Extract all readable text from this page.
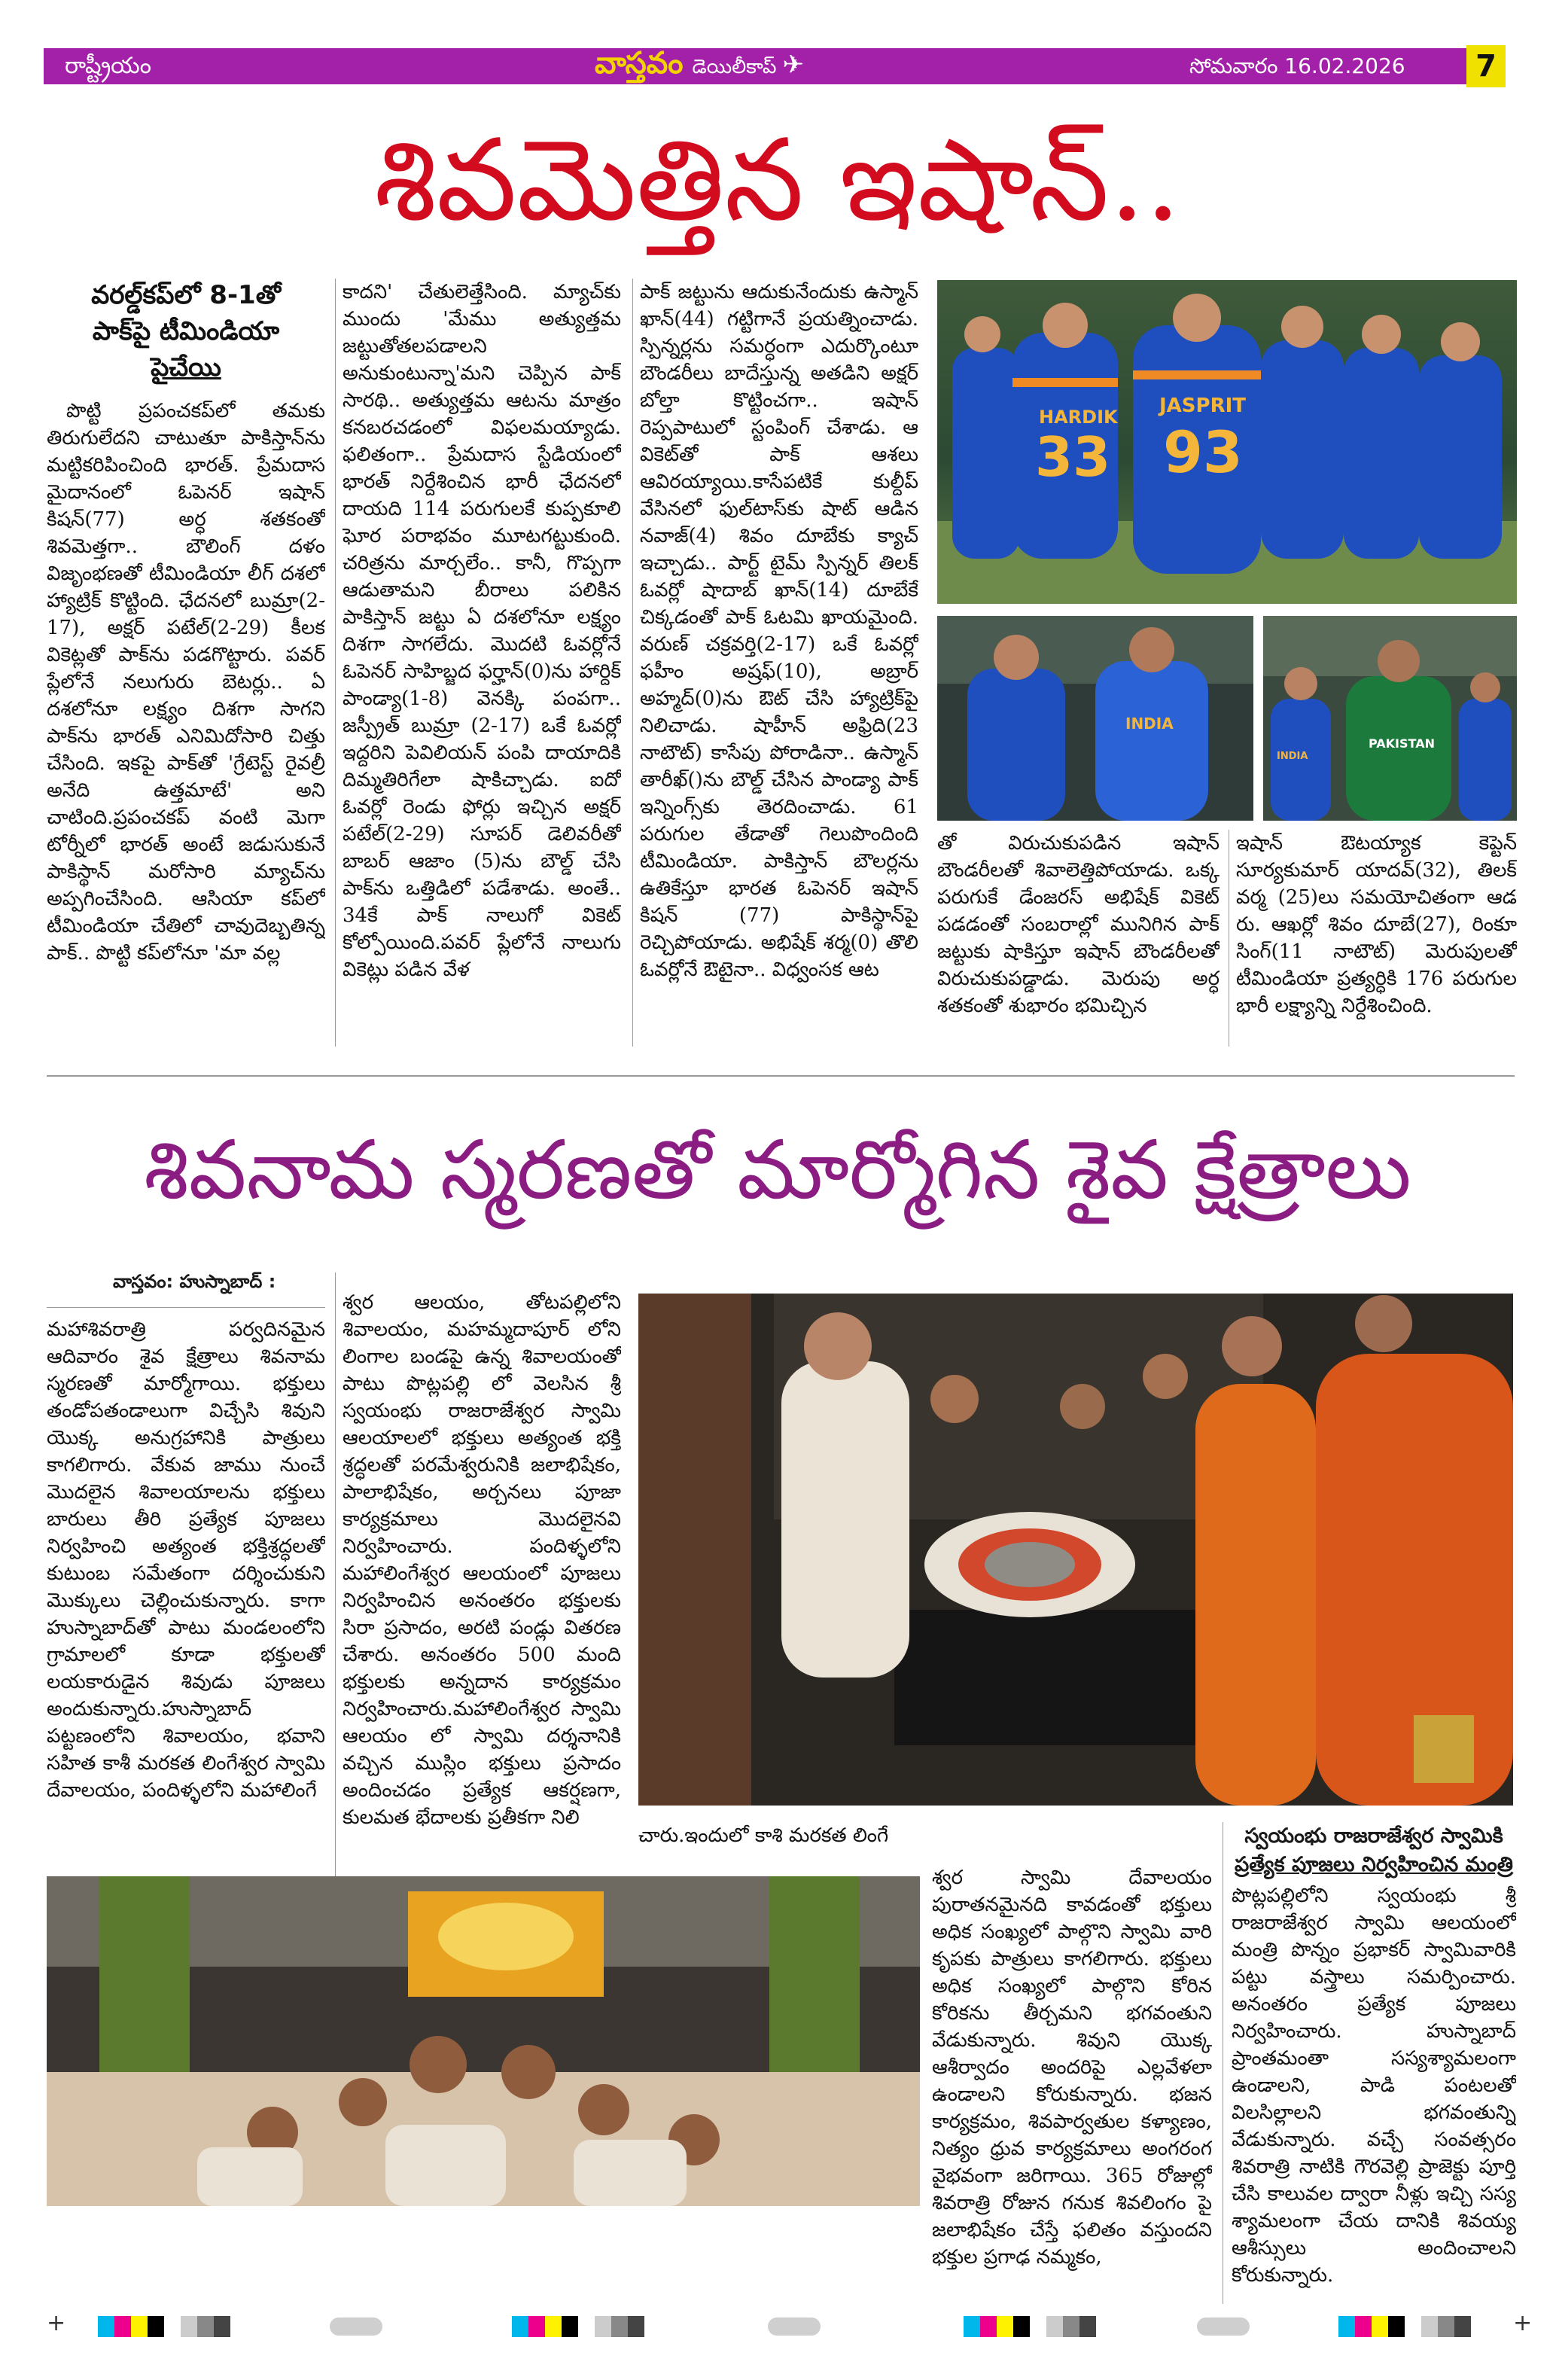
రాష్ట్రీయం	వాస్తవం డెయిలీకాప్ ✈	సోమవారం 16.02.2026	7
శివమెత్తిన ఇషాన్..
వరల్డ్‌కప్‌లో 8-1తో
పాక్‌పై టీమిండియా
పైచేయి
పొట్టి ప్రపంచకప్‌లో తమకు తిరుగులేదని చాటుతూ పాకిస్తాన్‌ను మట్టికరిపించింది భారత్. ప్రేమదాస మైదానంలో ఓపెనర్ ఇషాన్ కిషన్(77) అర్ధ శతకంతో శివమెత్తగా.. బౌలింగ్ దళం విజృంభణతో టీమిండియా లీగ్ దశలో హ్యాట్రిక్ కొట్టింది. ఛేదనలో బుమ్రా(2-17), అక్షర్ పటేల్(2-29) కీలక వికెట్లతో పాక్‌ను పడగొట్టారు. పవర్ ప్లేలోనే నలుగురు బెటర్లు.. ఏ దశలోనూ లక్ష్యం దిశగా సాగని పాక్‌ను భారత్ ఎనిమిదోసారి చిత్తు చేసింది. ఇకపై పాక్‌తో 'గ్రేటెస్ట్ రైవల్రీ అనేది ఉత్తమాటే' అని చాటింది.ప్రపంచకప్ వంటి మెగా టోర్నీలో భారత్ అంటే జడుసుకునే పాకిస్థాన్ మరోసారి మ్యాచ్‌ను అప్పగించేసింది. ఆసియా కప్‌లో టీమిండియా చేతిలో చావుదెబ్బతిన్న పాక్.. పొట్టి కప్‌లోనూ 'మా వల్ల
కాదని' చేతులెత్తేసింది. మ్యాచ్‌కు ముందు 'మేము అత్యుత్తమ జట్టుతోతలపడాలని అనుకుంటున్నా'మని చెప్పిన పాక్ సారథి.. అత్యుత్తమ ఆటను మాత్రం కనబరచడంలో విఫలమయ్యాడు. ఫలితంగా.. ప్రేమదాస స్టేడియంలో భారత్ నిర్దేశించిన భారీ ఛేదనలో దాయది 114 పరుగులకే కుప్పకూలి ఘోర పరాభవం మూటగట్టుకుంది. చరిత్రను మార్చలేం.. కానీ, గొప్పగా ఆడుతామని బీరాలు పలికిన పాకిస్తాన్ జట్టు ఏ దశలోనూ లక్ష్యం దిశగా సాగలేదు. మొదటి ఓవర్లోనే ఓపెనర్ సాహిబ్జద ఫర్హాన్(0)ను హార్దిక్ పాండ్యా(1-8) వెనక్కి పంపగా.. జస్ప్రీత్ బుమ్రా (2-17) ఒకే ఓవర్లో ఇద్దరిని పెవిలియన్ పంపి దాయాదికి దిమ్మతిరిగేలా షాకిచ్చాడు. ఐదో ఓవర్లో రెండు ఫోర్లు ఇచ్చిన అక్షర్ పటేల్(2-29) సూపర్ డెలివరీతో బాబర్ ఆజాం (5)ను బౌల్డ్ చేసి పాక్‌ను ఒత్తిడిలో పడేశాడు. అంతే.. 34కే పాక్ నాలుగో వికెట్ కోల్పోయింది.పవర్ ప్లేలోనే నాలుగు వికెట్లు పడిన వేళ
పాక్ జట్టును ఆదుకునేందుకు ఉస్మాన్ ఖాన్(44) గట్టిగానే ప్రయత్నించాడు. స్పిన్నర్లను సమర్ధంగా ఎదుర్కొంటూ బౌండరీలు బాదేస్తున్న అతడిని అక్షర్ బోల్తా కొట్టించగా.. ఇషాన్ రెప్పపాటులో స్టంపింగ్ చేశాడు. ఆ వికెట్‌తో పాక్ ఆశలు ఆవిరయ్యాయి.కాసేపటికే కుల్దీప్ వేసినలో ఫుల్‌టాస్‌కు షాట్ ఆడిన నవాజ్(4) శివం దూబేకు క్యాచ్ ఇచ్చాడు.. పార్ట్ టైమ్ స్పిన్నర్ తిలక్ ఓవర్లో షాదాబ్ ఖాన్(14) దూబేకే చిక్కడంతో పాక్ ఓటమి ఖాయమైంది. వరుణ్ చక్రవర్తి(2-17) ఒకే ఓవర్లో ఫహీం అష్రఫ్(10), అబ్రార్ అహ్మద్(0)ను ఔట్ చేసి హ్యాట్రిక్‌పై నిలిచాడు. షాహీన్ అఫ్రిది(23 నాటౌట్) కాసేపు పోరాడినా.. ఉస్మాన్ తారీఖ్()ను బౌల్డ్ చేసిన పాండ్యా పాక్ ఇన్నింగ్స్‌కు తెరదించాడు. 61 పరుగుల తేడాతో గెలుపొందింది టీమిండియా. పాకిస్తాన్ బౌలర్లను ఉతికేస్తూ భారత ఓపెనర్ ఇషాన్ కిషన్ (77) పాకిస్థాన్‌పై రెచ్చిపోయాడు. అభిషేక్ శర్మ(0) తొలి ఓవర్లోనే ఔటైనా.. విధ్వంసక ఆట
HARDIK
33
JASPRIT
93
INDIA
PAKISTAN
INDIA
తో విరుచుకుపడిన ఇషాన్ బౌండరీలతో శివాలెత్తిపోయాడు. ఒక్క పరుగుకే డేంజరస్ అభిషేక్ వికెట్ పడడంతో సంబరాల్లో మునిగిన పాక్ జట్టుకు షాకిస్తూ ఇషాన్ బౌండరీలతో విరుచుకుపడ్డాడు. మెరుపు అర్ధ శతకంతో శుభారం భమిచ్చిన
ఇషాన్ ఔటయ్యాక కెప్టెన్ సూర్యకుమార్ యాదవ్(32), తిలక్ వర్మ (25)లు సమయోచితంగా ఆడ రు. ఆఖర్లో శివం దూబే(27), రింకూ సింగ్(11 నాటౌట్) మెరుపులతో టీమిండియా ప్రత్యర్ధికి 176 పరుగుల భారీ లక్ష్యాన్ని నిర్దేశించింది.
శివనామ స్మరణతో మార్మోగిన శైవ క్షేత్రాలు
వాస్తవం: హుస్నాబాద్ :
మహాశివరాత్రి పర్వదినమైన ఆదివారం శైవ క్షేత్రాలు శివనామ స్మరణతో మార్మోగాయి. భక్తులు తండోపతండాలుగా విచ్చేసి శివుని యొక్క అనుగ్రహానికి పాత్రులు కాగలిగారు. వేకువ జాము నుంచే మొదలైన శివాలయాలను భక్తులు బారులు తీరి ప్రత్యేక పూజలు నిర్వహించి అత్యంత భక్తిశ్రద్ధలతో కుటుంబ సమేతంగా దర్శించుకుని మొక్కులు చెల్లించుకున్నారు. కాగా హుస్నాబాద్‌తో పాటు మండలంలోని గ్రామాలలో కూడా భక్తులతో లయకారుడైన శివుడు పూజలు అందుకున్నారు.హుస్నాబాద్ పట్టణంలోని శివాలయం, భవాని సహిత కాశీ మరకత లింగేశ్వర స్వామి దేవాలయం, పందిళ్ళలోని మహాలింగే
శ్వర ఆలయం, తోటపల్లిలోని శివాలయం, మహమ్మదాపూర్ లోని లింగాల బండపై ఉన్న శివాలయంతో పాటు పొట్లపల్లి లో వెలసిన శ్రీ స్వయంభు రాజరాజేశ్వర స్వామి ఆలయాలలో భక్తులు అత్యంత భక్తి శ్రద్ధలతో పరమేశ్వరునికి జలాభిషేకం, పాలాభిషేకం, అర్చనలు పూజా కార్యక్రమాలు మొదలైనవి నిర్వహించారు. పందిళ్ళలోని మహాలింగేశ్వర ఆలయంలో పూజలు నిర్వహించిన అనంతరం భక్తులకు సిరా ప్రసాదం, అరటి పండ్లు వితరణ చేశారు. అనంతరం 500 మంది భక్తులకు అన్నదాన కార్యక్రమం నిర్వహించారు.మహాలింగేశ్వర స్వామి ఆలయం లో స్వామి దర్శనానికి వచ్చిన ముస్లిం భక్తులు ప్రసాదం అందించడం ప్రత్యేక ఆకర్షణగా, కులమత భేదాలకు ప్రతీకగా నిలి
చారు.ఇందులో కాశి మరకత లింగే
శ్వర స్వామి దేవాలయం పురాతనమైనది కావడంతో భక్తులు అధిక సంఖ్యలో పాల్గొని స్వామి వారి కృపకు పాత్రులు కాగలిగారు. భక్తులు అధిక సంఖ్యలో పాల్గొని కోరిన కోరికను తీర్చమని భగవంతుని వేడుకున్నారు. శివుని యొక్క ఆశీర్వాదం అందరిపై ఎల్లవేళలా ఉండాలని కోరుకున్నారు. భజన కార్యక్రమం, శివపార్వతుల కళ్యాణం, నిత్యం ధ్రువ కార్యక్రమాలు అంగరంగ వైభవంగా జరిగాయి. 365 రోజుల్లో శివరాత్రి రోజున గనుక శివలింగం పై జలాభిషేకం చేస్తే ఫలితం వస్తుందని భక్తుల ప్రగాఢ నమ్మకం,
స్వయంభు రాజరాజేశ్వర స్వామికి
ప్రత్యేక పూజలు నిర్వహించిన మంత్రి
పొట్లపల్లిలోని స్వయంభు శ్రీ రాజరాజేశ్వర స్వామి ఆలయంలో మంత్రి పొన్నం ప్రభాకర్ స్వామివారికి పట్టు వస్త్రాలు సమర్పించారు. అనంతరం ప్రత్యేక పూజలు నిర్వహించారు. హుస్నాబాద్ ప్రాంతమంతా సస్యశ్యామలంగా ఉండాలని, పాడి పంటలతో విలసిల్లాలని భగవంతున్ని వేడుకున్నారు. వచ్చే సంవత్సరం శివరాత్రి నాటికి గౌరవెల్లి ప్రాజెక్టు పూర్తి చేసి కాలువల ద్వారా నీళ్లు ఇచ్చి సస్య శ్యామలంగా చేయ దానికి శివయ్య ఆశీస్సులు అందించాలని కోరుకున్నారు.
+	+
